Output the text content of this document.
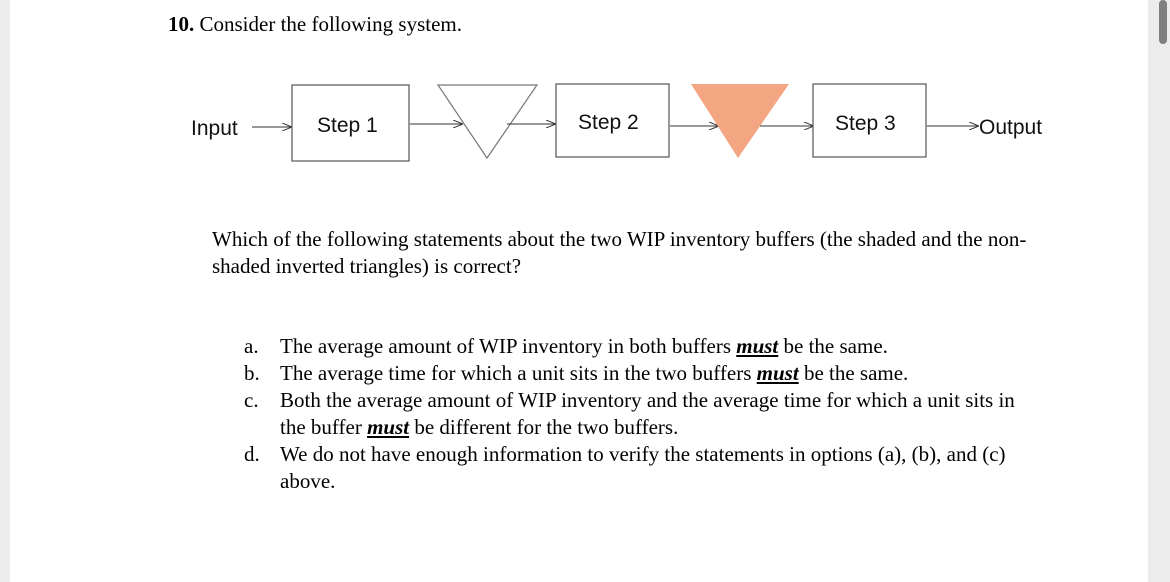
10. Consider the following system.
Input	Step 1	Step 2	Step 3	Output
Which of the following statements about the two WIP inventory buffers (the shaded and the non-shaded inverted triangles) is correct?
a. The average amount of WIP inventory in both buffers must be the same.
b. The average time for which a unit sits in the two buffers must be the same.
c. Both the average amount of WIP inventory and the average time for which a unit sits in the buffer must be different for the two buffers.
d. We do not have enough information to verify the statements in options (a), (b), and (c) above.
